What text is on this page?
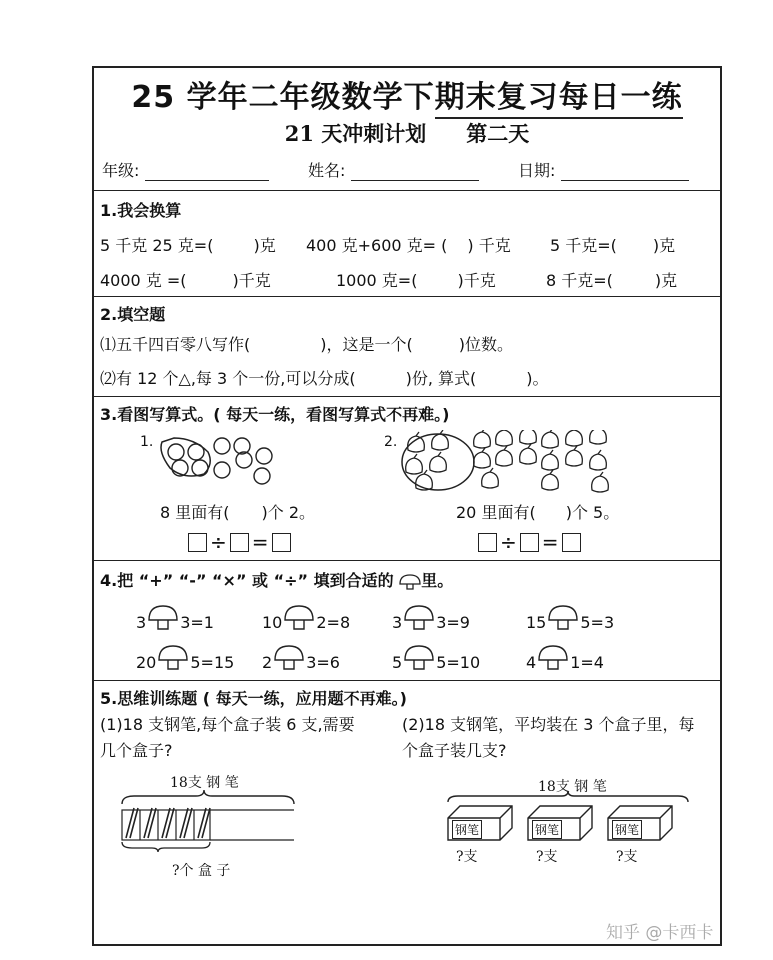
25 学年二年级数学下期末复习每日一练
21 天冲刺计划 第二天
年级:	姓名:	日期:
1.我会换算
5 千克 25 克=(	)克 400 克+600 克= ( ) 千克 5 千克=( )克
4000 克 =(	)千克	1000 克=(	)千克	8 千克=(	)克
2.填空题
⑴五千四百零八写作(	)，这是一个(	)位数。
⑵有 12 个△,每 3 个一份,可以分成(	)份, 算式(	)。
3.看图写算式。( 每天一练，看图写算式不再难。)
1.
8 里面有( )个 2。
÷ =
2.
20 里面有( )个 5。
÷ =
4.把 “+” “-” “×” 或 “÷” 填到合适的 里。
3 3=1	10 2=8	3 3=9	15 5=3
20 5=15 2 3=6	5 5=10	4 1=4
5.思维训练题 ( 每天一练，应用题不再难。)
(1)18 支钢笔,每个盒子装 6 支,需要
几个盒子?
(2)18 支钢笔，平均装在 3 个盒子里，每
个盒子装几支?
18支 钢 笔
?个 盒 子
18支 钢 笔
钢笔
?支
钢笔
?支
钢笔
?支
知乎 @卡西卡
